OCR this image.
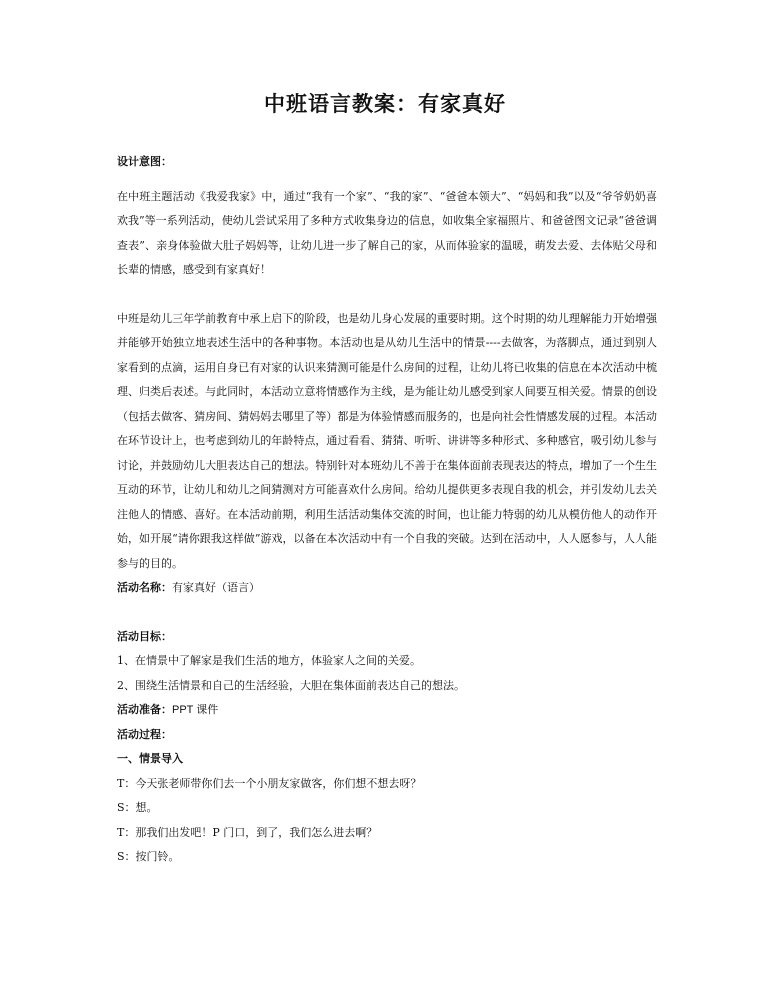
中班语言教案：有家真好

设计意图：

在中班主题活动《我爱我家》中，通过“我有一个家”、“我的家”、“爸爸本领大”、“妈妈和我”以及“爷爷奶奶喜欢我”等一系列活动，使幼儿尝试采用了多种方式收集身边的信息，如收集全家福照片、和爸爸图文记录“爸爸调查表”、亲身体验做大肚子妈妈等，让幼儿进一步了解自己的家，从而体验家的温暖，萌发去爱、去体贴父母和长辈的情感，感受到有家真好！

中班是幼儿三年学前教育中承上启下的阶段，也是幼儿身心发展的重要时期。这个时期的幼儿理解能力开始增强并能够开始独立地表述生活中的各种事物。本活动也是从幼儿生活中的情景----去做客，为落脚点，通过到别人家看到的点滴，运用自身已有对家的认识来猜测可能是什么房间的过程，让幼儿将已收集的信息在本次活动中梳理、归类后表述。与此同时，本活动立意将情感作为主线，是为能让幼儿感受到家人间要互相关爱。情景的创设（包括去做客、猜房间、猜妈妈去哪里了等）都是为体验情感而服务的，也是向社会性情感发展的过程。本活动在环节设计上，也考虑到幼儿的年龄特点，通过看看、猜猜、听听、讲讲等多种形式、多种感官，吸引幼儿参与讨论，并鼓励幼儿大胆表达自己的想法。特别针对本班幼儿不善于在集体面前表现表达的特点，增加了一个生生互动的环节，让幼儿和幼儿之间猜测对方可能喜欢什么房间。给幼儿提供更多表现自我的机会，并引发幼儿去关注他人的情感、喜好。在本活动前期，利用生活活动集体交流的时间，也让能力特弱的幼儿从模仿他人的动作开始，如开展“请你跟我这样做”游戏，以备在本次活动中有一个自我的突破。达到在活动中，人人愿参与，人人能参与的目的。

活动名称：有家真好（语言）

活动目标：

1、在情景中了解家是我们生活的地方，体验家人之间的关爱。

2、围绕生活情景和自己的生活经验，大胆在集体面前表达自己的想法。

活动准备：PPT 课件

活动过程：

一、情景导入

T：今天张老师带你们去一个小朋友家做客，你们想不想去呀？

S：想。

T：那我们出发吧！P 门口，到了，我们怎么进去啊？

S：按门铃。
